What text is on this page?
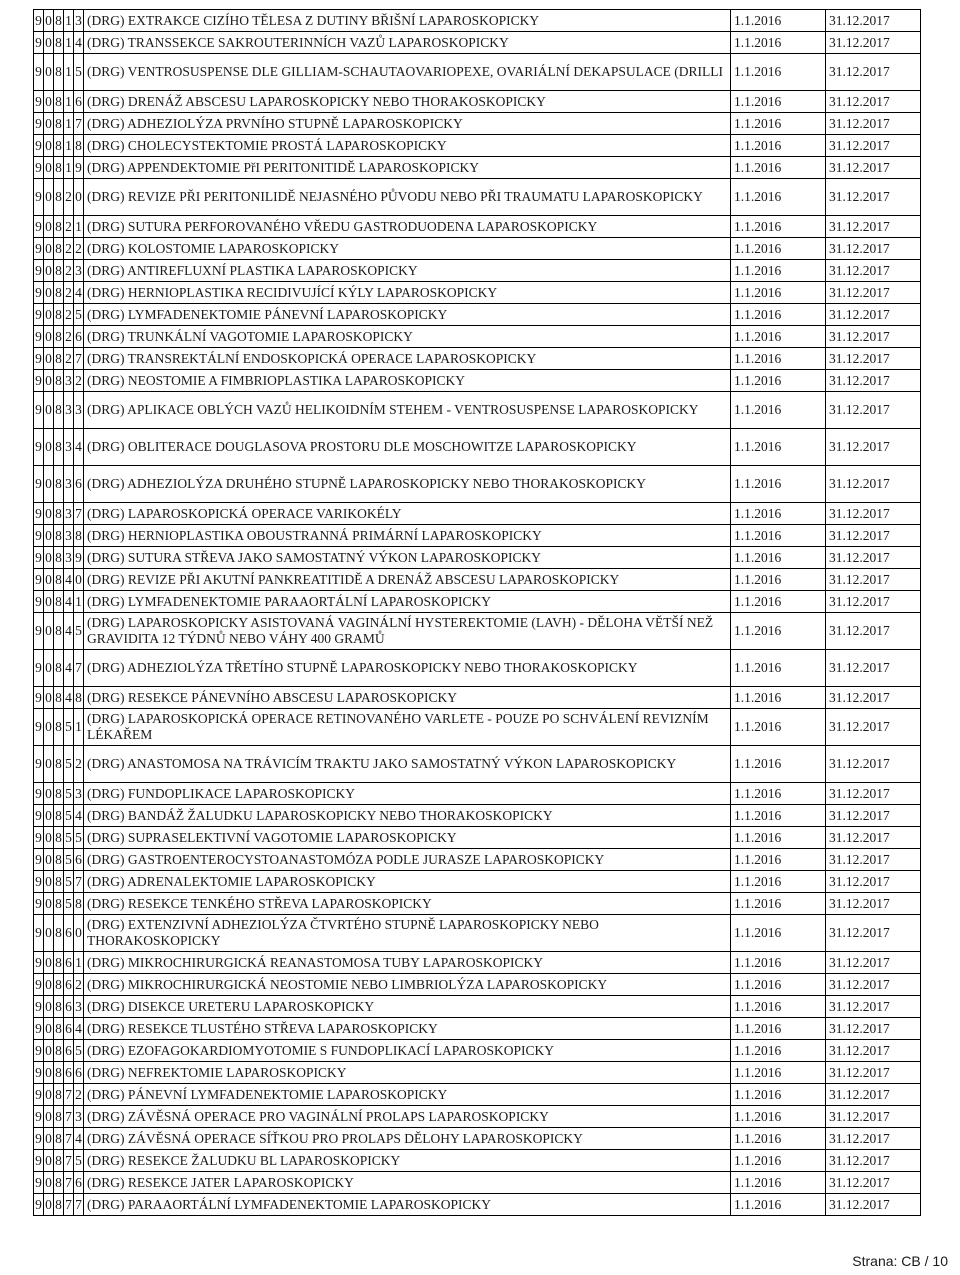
9	0	8	1	3	(DRG) EXTRAKCE CIZÍHO TĚLESA Z DUTINY BŘIŠNÍ LAPAROSKOPICKY	1.1.2016	31.12.2017
9	0	8	1	4	(DRG) TRANSSEKCE SAKROUTERINNÍCH VAZŮ LAPAROSKOPICKY	1.1.2016	31.12.2017
9	0	8	1	5	(DRG) VENTROSUSPENSE DLE GILLIAM-SCHAUTAOVARIOPEXE, OVARIÁLNÍ DEKAPSULACE (DRILLI	1.1.2016	31.12.2017
9	0	8	1	6	(DRG) DRENÁŽ ABSCESU LAPAROSKOPICKY NEBO THORAKOSKOPICKY	1.1.2016	31.12.2017
9	0	8	1	7	(DRG) ADHEZIOLÝZA PRVNÍHO STUPNĚ LAPAROSKOPICKY	1.1.2016	31.12.2017
9	0	8	1	8	(DRG) CHOLECYSTEKTOMIE PROSTÁ LAPAROSKOPICKY	1.1.2016	31.12.2017
9	0	8	1	9	(DRG) APPENDEKTOMIE PřI PERITONITIDĚ LAPAROSKOPICKY	1.1.2016	31.12.2017
9	0	8	2	0	(DRG) REVIZE PŘI PERITONILIDĚ NEJASNÉHO PŮVODU NEBO PŘI TRAUMATU LAPAROSKOPICKY	1.1.2016	31.12.2017
9	0	8	2	1	(DRG) SUTURA PERFOROVANÉHO VŘEDU GASTRODUODENA LAPAROSKOPICKY	1.1.2016	31.12.2017
9	0	8	2	2	(DRG) KOLOSTOMIE LAPAROSKOPICKY	1.1.2016	31.12.2017
9	0	8	2	3	(DRG) ANTIREFLUXNÍ PLASTIKA LAPAROSKOPICKY	1.1.2016	31.12.2017
9	0	8	2	4	(DRG) HERNIOPLASTIKA RECIDIVUJÍCÍ KÝLY LAPAROSKOPICKY	1.1.2016	31.12.2017
9	0	8	2	5	(DRG) LYMFADENEKTOMIE PÁNEVNÍ LAPAROSKOPICKY	1.1.2016	31.12.2017
9	0	8	2	6	(DRG) TRUNKÁLNÍ VAGOTOMIE LAPAROSKOPICKY	1.1.2016	31.12.2017
9	0	8	2	7	(DRG) TRANSREKTÁLNÍ ENDOSKOPICKÁ OPERACE LAPAROSKOPICKY	1.1.2016	31.12.2017
9	0	8	3	2	(DRG) NEOSTOMIE A FIMBRIOPLASTIKA LAPAROSKOPICKY	1.1.2016	31.12.2017
9	0	8	3	3	(DRG) APLIKACE OBLÝCH VAZŮ HELIKOIDNÍM STEHEM - VENTROSUSPENSE LAPAROSKOPICKY	1.1.2016	31.12.2017
9	0	8	3	4	(DRG) OBLITERACE DOUGLASOVA PROSTORU DLE MOSCHOWITZE LAPAROSKOPICKY	1.1.2016	31.12.2017
9	0	8	3	6	(DRG) ADHEZIOLÝZA DRUHÉHO STUPNĚ LAPAROSKOPICKY NEBO THORAKOSKOPICKY	1.1.2016	31.12.2017
9	0	8	3	7	(DRG) LAPAROSKOPICKÁ OPERACE VARIKOKÉLY	1.1.2016	31.12.2017
9	0	8	3	8	(DRG) HERNIOPLASTIKA OBOUSTRANNÁ PRIMÁRNÍ LAPAROSKOPICKY	1.1.2016	31.12.2017
9	0	8	3	9	(DRG) SUTURA STŘEVA JAKO SAMOSTATNÝ VÝKON LAPAROSKOPICKY	1.1.2016	31.12.2017
9	0	8	4	0	(DRG) REVIZE PŘI AKUTNÍ PANKREATITIDĚ A DRENÁŽ ABSCESU LAPAROSKOPICKY	1.1.2016	31.12.2017
9	0	8	4	1	(DRG) LYMFADENEKTOMIE PARAAORTÁLNÍ LAPAROSKOPICKY	1.1.2016	31.12.2017
9	0	8	4	5	(DRG) LAPAROSKOPICKY ASISTOVANÁ VAGINÁLNÍ HYSTEREKTOMIE (LAVH) - DĚLOHA VĚTŠÍ NEŽ GRAVIDITA 12 TÝDNŮ NEBO VÁHY 400 GRAMŮ	1.1.2016	31.12.2017
9	0	8	4	7	(DRG) ADHEZIOLÝZA TŘETÍHO STUPNĚ LAPAROSKOPICKY NEBO THORAKOSKOPICKY	1.1.2016	31.12.2017
9	0	8	4	8	(DRG) RESEKCE PÁNEVNÍHO ABSCESU LAPAROSKOPICKY	1.1.2016	31.12.2017
9	0	8	5	1	(DRG) LAPAROSKOPICKÁ OPERACE RETINOVANÉHO VARLETE - POUZE PO SCHVÁLENÍ REVIZNÍM LÉKAŘEM	1.1.2016	31.12.2017
9	0	8	5	2	(DRG) ANASTOMOSA NA TRÁVICÍM TRAKTU JAKO SAMOSTATNÝ VÝKON LAPAROSKOPICKY	1.1.2016	31.12.2017
9	0	8	5	3	(DRG) FUNDOPLIKACE LAPAROSKOPICKY	1.1.2016	31.12.2017
9	0	8	5	4	(DRG) BANDÁŽ ŽALUDKU LAPAROSKOPICKY NEBO THORAKOSKOPICKY	1.1.2016	31.12.2017
9	0	8	5	5	(DRG) SUPRASELEKTIVNÍ VAGOTOMIE LAPAROSKOPICKY	1.1.2016	31.12.2017
9	0	8	5	6	(DRG) GASTROENTEROCYSTOANASTOMÓZA PODLE JURASZE LAPAROSKOPICKY	1.1.2016	31.12.2017
9	0	8	5	7	(DRG) ADRENALEKTOMIE LAPAROSKOPICKY	1.1.2016	31.12.2017
9	0	8	5	8	(DRG) RESEKCE TENKÉHO STŘEVA LAPAROSKOPICKY	1.1.2016	31.12.2017
9	0	8	6	0	(DRG) EXTENZIVNÍ ADHEZIOLÝZA ČTVRTÉHO STUPNĚ LAPAROSKOPICKY NEBO THORAKOSKOPICKY	1.1.2016	31.12.2017
9	0	8	6	1	(DRG) MIKROCHIRURGICKÁ REANASTOMOSA TUBY LAPAROSKOPICKY	1.1.2016	31.12.2017
9	0	8	6	2	(DRG) MIKROCHIRURGICKÁ NEOSTOMIE NEBO LIMBRIOLÝZA LAPAROSKOPICKY	1.1.2016	31.12.2017
9	0	8	6	3	(DRG) DISEKCE URETERU LAPAROSKOPICKY	1.1.2016	31.12.2017
9	0	8	6	4	(DRG) RESEKCE TLUSTÉHO STŘEVA LAPAROSKOPICKY	1.1.2016	31.12.2017
9	0	8	6	5	(DRG) EZOFAGOKARDIOMYOTOMIE S FUNDOPLIKACÍ LAPAROSKOPICKY	1.1.2016	31.12.2017
9	0	8	6	6	(DRG) NEFREKTOMIE LAPAROSKOPICKY	1.1.2016	31.12.2017
9	0	8	7	2	(DRG) PÁNEVNÍ LYMFADENEKTOMIE LAPAROSKOPICKY	1.1.2016	31.12.2017
9	0	8	7	3	(DRG) ZÁVĚSNÁ OPERACE PRO VAGINÁLNÍ PROLAPS LAPAROSKOPICKY	1.1.2016	31.12.2017
9	0	8	7	4	(DRG) ZÁVĚSNÁ OPERACE SÍŤKOU PRO PROLAPS DĚLOHY LAPAROSKOPICKY	1.1.2016	31.12.2017
9	0	8	7	5	(DRG) RESEKCE ŽALUDKU BL LAPAROSKOPICKY	1.1.2016	31.12.2017
9	0	8	7	6	(DRG) RESEKCE JATER LAPAROSKOPICKY	1.1.2016	31.12.2017
9	0	8	7	7	(DRG) PARAAORTÁLNÍ LYMFADENEKTOMIE LAPAROSKOPICKY	1.1.2016	31.12.2017
Strana: CB / 10
